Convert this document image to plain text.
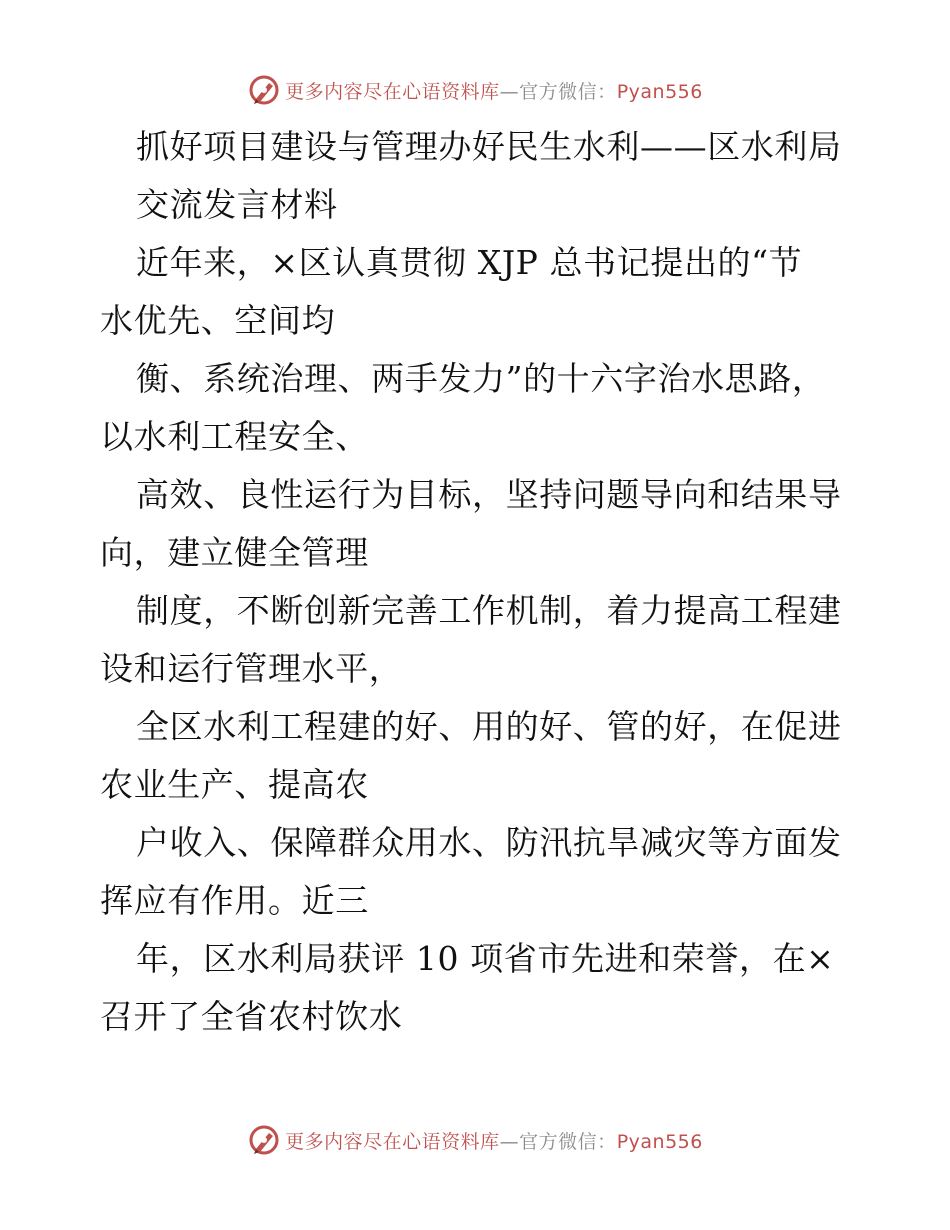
更多内容尽在心语资料库—官方微信：Pyan556
抓好项目建设与管理办好民生水利——区水利局
交流发言材料
近年来，×区认真贯彻 XJP 总书记提出的“节
水优先、空间均
衡、系统治理、两手发力”的十六字治水思路，
以水利工程安全、
高效、良性运行为目标，坚持问题导向和结果导
向，建立健全管理
制度，不断创新完善工作机制，着力提高工程建
设和运行管理水平，
全区水利工程建的好、用的好、管的好，在促进
农业生产、提高农
户收入、保障群众用水、防汛抗旱减灾等方面发
挥应有作用。近三
年，区水利局获评 10 项省市先进和荣誉，在×
召开了全省农村饮水
更多内容尽在心语资料库—官方微信：Pyan556
